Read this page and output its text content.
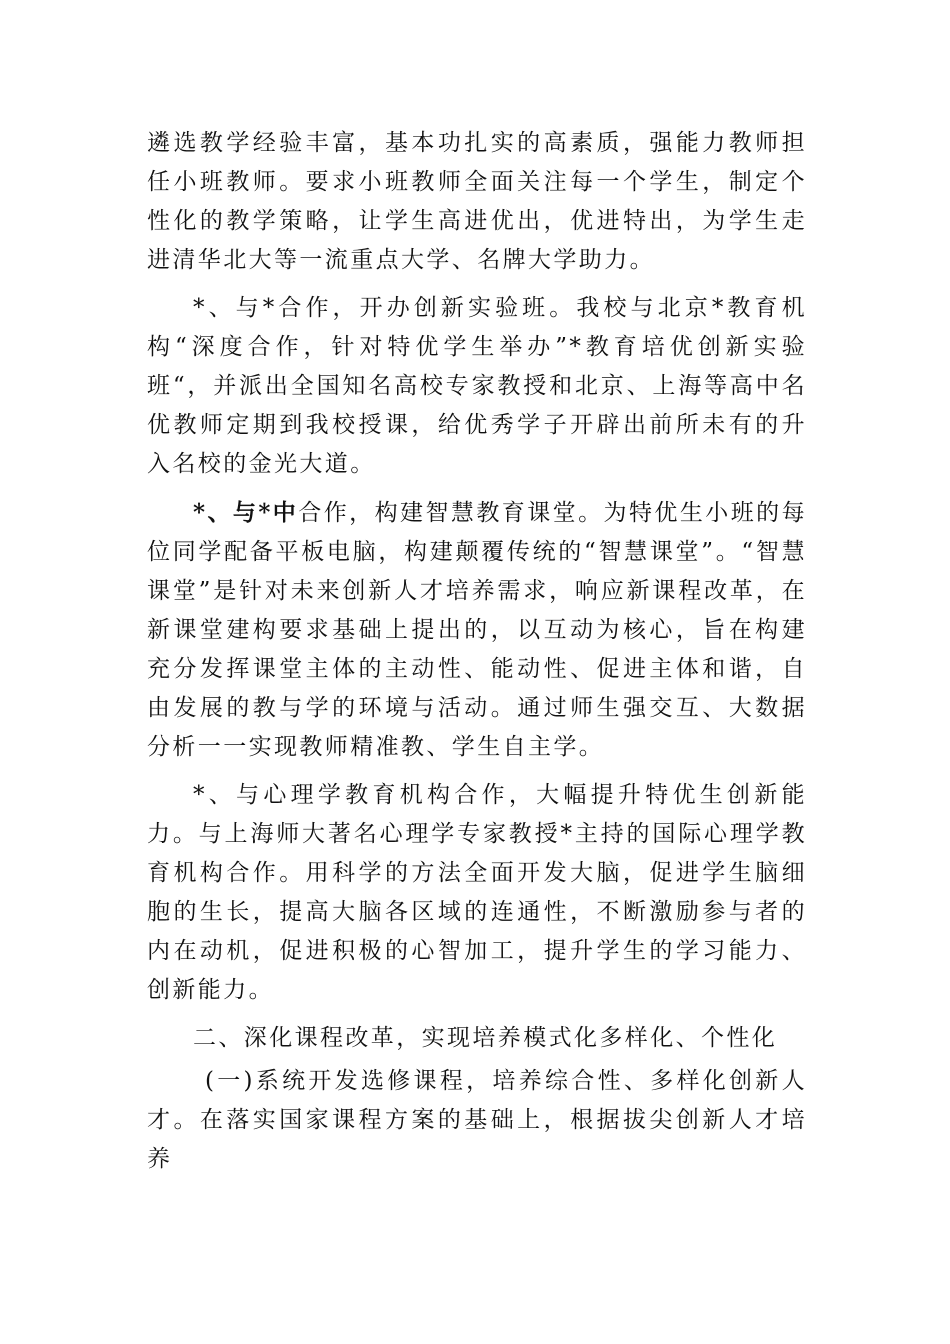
遴选教学经验丰富，基本功扎实的高素质，强能力教师担任小班教师。要求小班教师全面关注每一个学生，制定个性化的教学策略，让学生高进优出，优进特出，为学生走进清华北大等一流重点大学、名牌大学助力。

*、与*合作，开办创新实验班。我校与北京*教育机构“深度合作，针对特优学生举办”*教育培优创新实验班“，并派出全国知名高校专家教授和北京、上海等高中名优教师定期到我校授课，给优秀学子开辟出前所未有的升入名校的金光大道。

*、与*中合作，构建智慧教育课堂。为特优生小班的每位同学配备平板电脑，构建颠覆传统的“智慧课堂”。“智慧课堂”是针对未来创新人才培养需求，响应新课程改革，在新课堂建构要求基础上提出的，以互动为核心，旨在构建充分发挥课堂主体的主动性、能动性、促进主体和谐，自由发展的教与学的环境与活动。通过师生强交互、大数据分析一一实现教师精准教、学生自主学。

*、与心理学教育机构合作，大幅提升特优生创新能力。与上海师大著名心理学专家教授*主持的国际心理学教育机构合作。用科学的方法全面开发大脑，促进学生脑细胞的生长，提高大脑各区域的连通性，不断激励参与者的内在动机，促进积极的心智加工，提升学生的学习能力、创新能力。

二、深化课程改革，实现培养模式化多样化、个性化

(一)系统开发选修课程，培养综合性、多样化创新人才。在落实国家课程方案的基础上，根据拔尖创新人才培养
